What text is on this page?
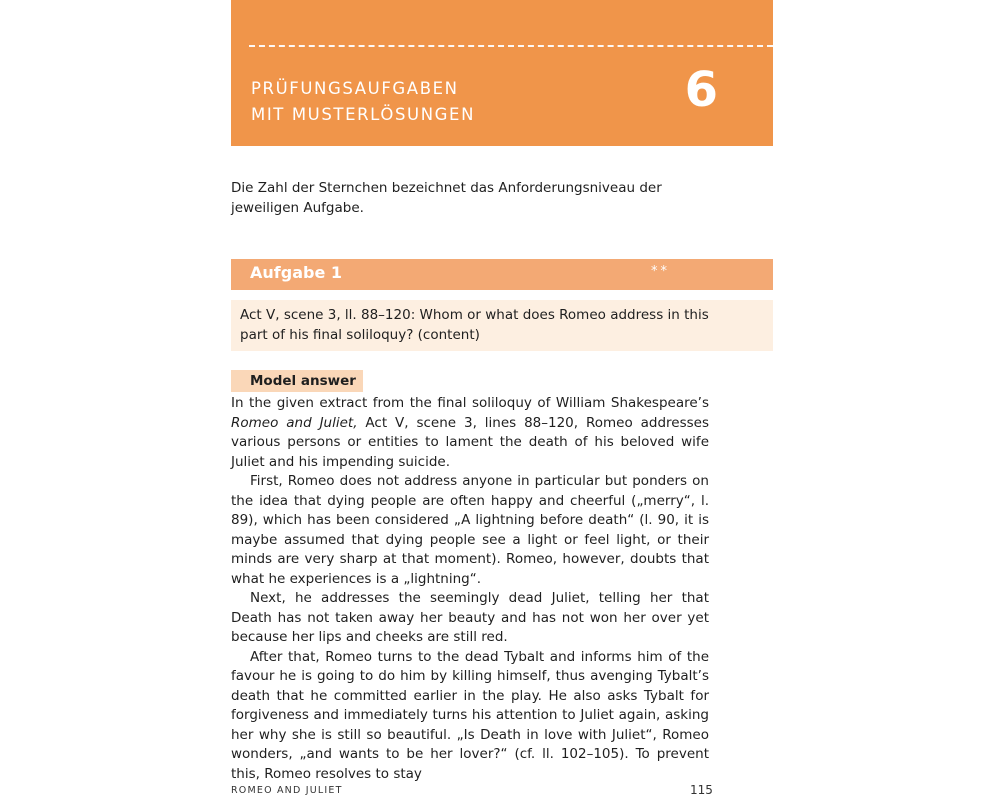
PRÜFUNGSAUFGABEN
MIT MUSTERLÖSUNGEN	6
Die Zahl der Sternchen bezeichnet das Anforderungsniveau der jeweiligen Aufgabe.
Aufgabe 1	**
Act V, scene 3, ll. 88–120: Whom or what does Romeo address in this part of his final soliloquy? (content)
Model answer

In the given extract from the final soliloquy of William Shakespeare’s Romeo and Juliet, Act V, scene 3, lines 88–120, Romeo addresses various persons or entities to lament the death of his beloved wife Juliet and his impending suicide.

First, Romeo does not address anyone in particular but ponders on the idea that dying people are often happy and cheerful („merry“, l. 89), which has been considered „A lightning before death“ (l. 90, it is maybe assumed that dying people see a light or feel light, or their minds are very sharp at that moment). Romeo, however, doubts that what he experiences is a „lightning“.

Next, he addresses the seemingly dead Juliet, telling her that Death has not taken away her beauty and has not won her over yet because her lips and cheeks are still red.

After that, Romeo turns to the dead Tybalt and informs him of the favour he is going to do him by killing himself, thus avenging Tybalt’s death that he committed earlier in the play. He also asks Tybalt for forgiveness and immediately turns his attention to Juliet again, asking her why she is still so beautiful. „Is Death in love with Juliet“, Romeo wonders, „and wants to be her lover?“ (cf. ll. 102–105). To prevent this, Romeo resolves to stay

ROMEO AND JULIET	115
